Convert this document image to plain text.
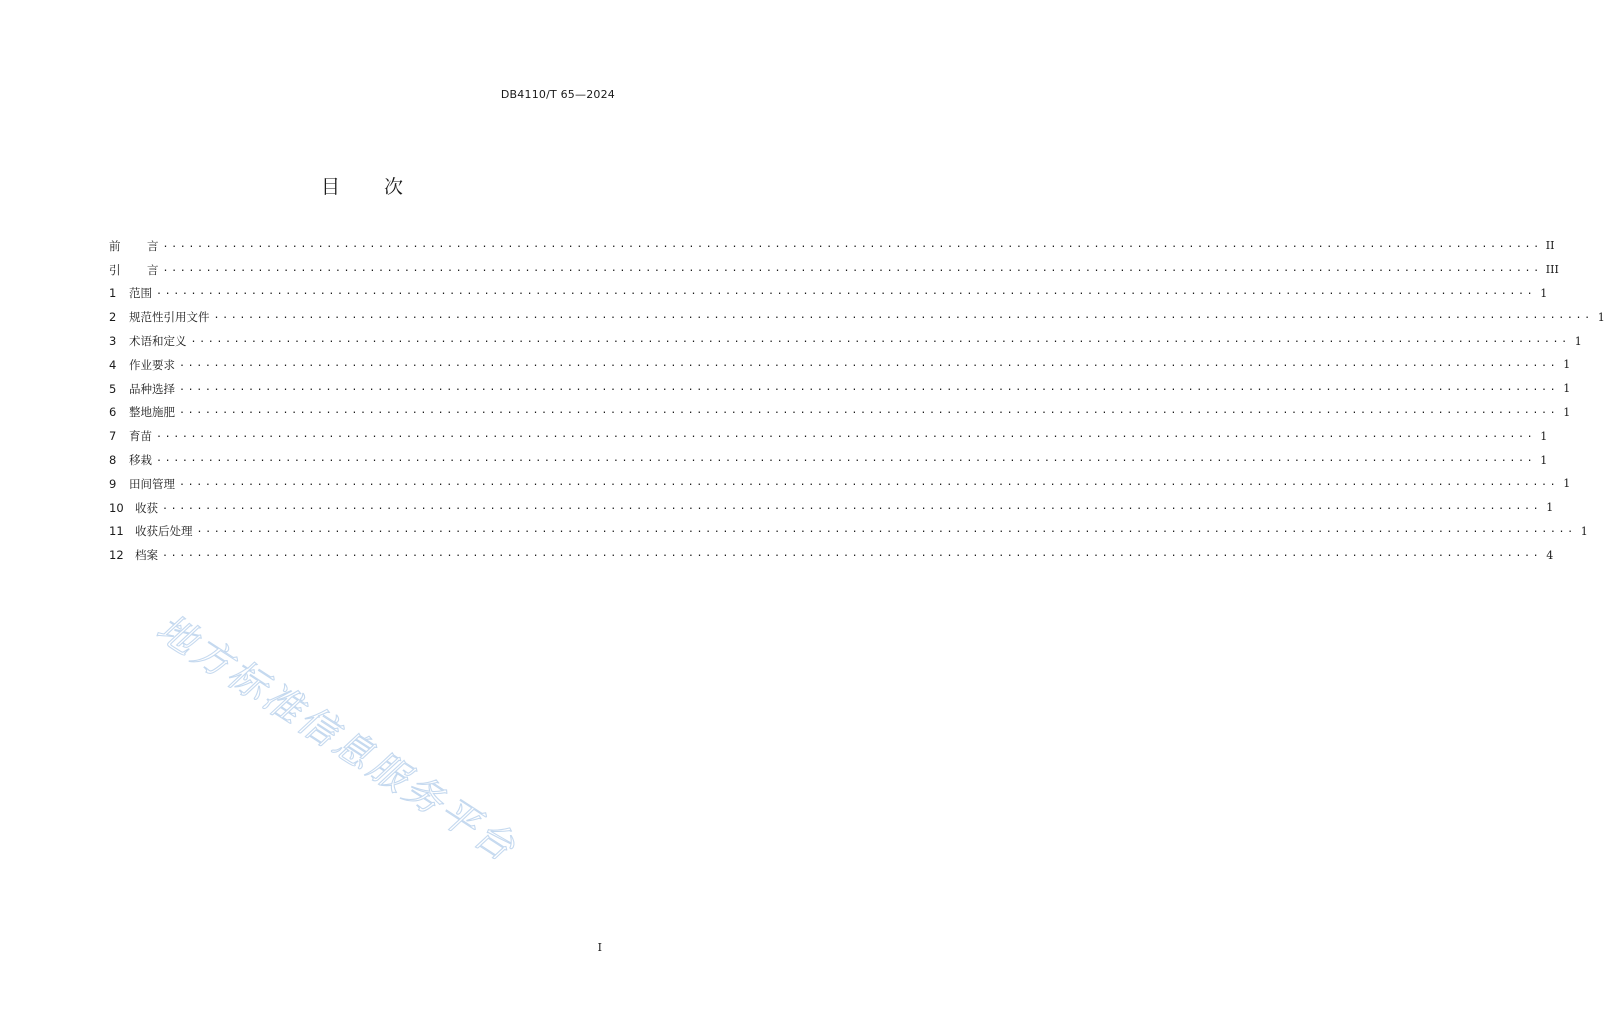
DB4110/T 65—2024
目 次
前	言 ................................................................................................................................................................ II
引	言 ................................................................................................................................................................ III
1	范围 ................................................................................................................................................................ 1
2	规范性引用文件 ................................................................................................................................................................ 1
3	术语和定义 ................................................................................................................................................................ 1
4	作业要求 ................................................................................................................................................................ 1
5	品种选择 ................................................................................................................................................................ 1
6	整地施肥 ................................................................................................................................................................ 1
7	育苗 ................................................................................................................................................................ 1
8	移栽 ................................................................................................................................................................ 1
9	田间管理 ................................................................................................................................................................ 1
10 收获 ................................................................................................................................................................ 1
11 收获后处理 ................................................................................................................................................................ 1
12 档案 ................................................................................................................................................................ 4
地方标准信息服务平台
I
